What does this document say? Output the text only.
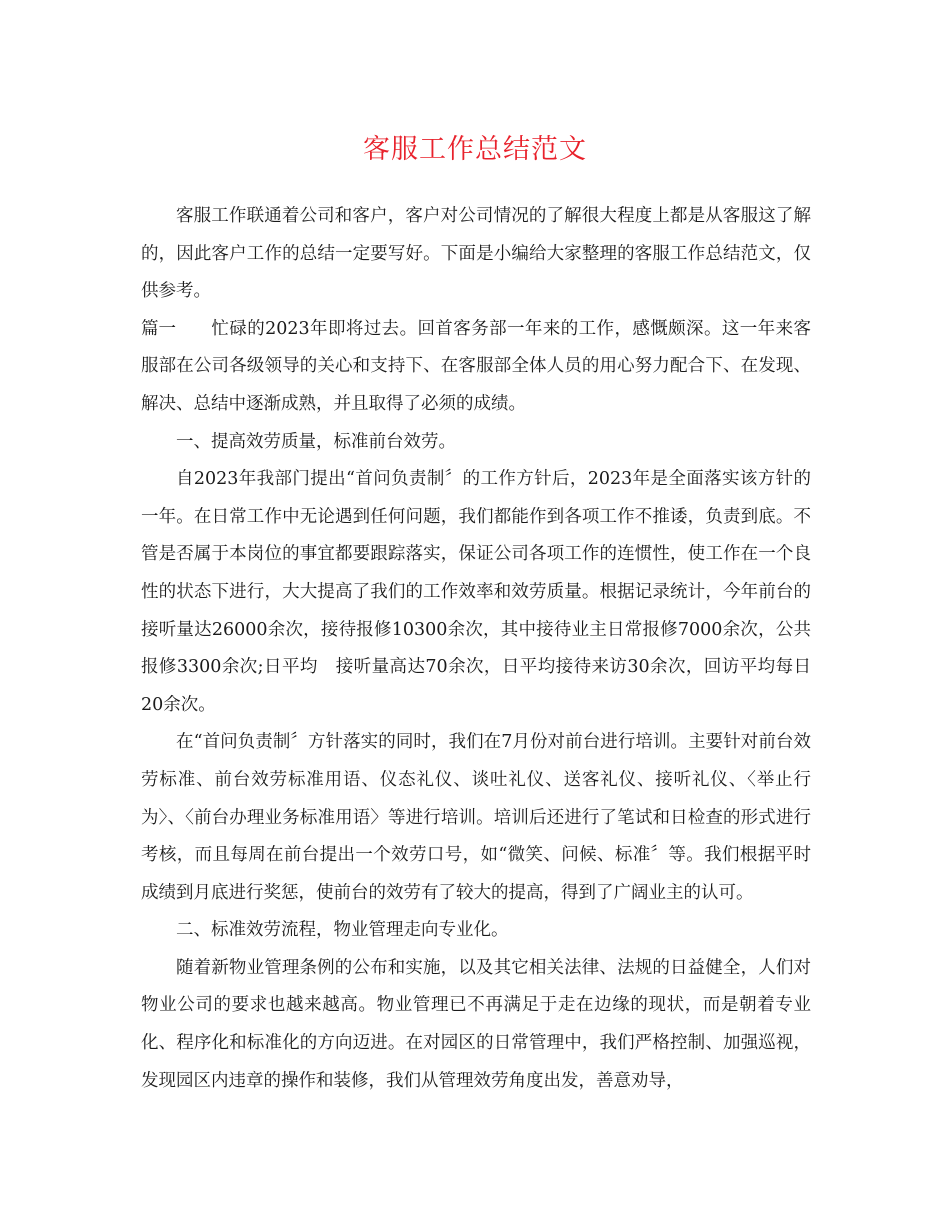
客服工作总结范文

客服工作联通着公司和客户，客户对公司情况的了解很大程度上都是从客服这了解的，因此客户工作的总结一定要写好。下面是小编给大家整理的客服工作总结范文，仅供参考。

篇一 忙碌的2023年即将过去。回首客务部一年来的工作，感慨颇深。这一年来客服部在公司各级领导的关心和支持下、在客服部全体人员的用心努力配合下、在发现、解决、总结中逐渐成熟，并且取得了必须的成绩。

一、提高效劳质量，标准前台效劳。

自2023年我部门提出“首问负责制〞的工作方针后，2023年是全面落实该方针的一年。在日常工作中无论遇到任何问题，我们都能作到各项工作不推诿，负责到底。不管是否属于本岗位的事宜都要跟踪落实，保证公司各项工作的连惯性，使工作在一个良性的状态下进行，大大提高了我们的工作效率和效劳质量。根据记录统计，今年前台的　接听量达26000余次，接待报修10300余次，其中接待业主日常报修7000余次，公共报修3300余次;日平均　接听量高达70余次，日平均接待来访30余次，回访平均每日20余次。

在“首问负责制〞方针落实的同时，我们在7月份对前台进行培训。主要针对前台效劳标准、前台效劳标准用语、仪态礼仪、谈吐礼仪、送客礼仪、接听礼仪、〈举止行为〉、〈前台办理业务标准用语〉等进行培训。培训后还进行了笔试和日检查的形式进行考核，而且每周在前台提出一个效劳口号，如“微笑、问候、标准〞等。我们根据平时成绩到月底进行奖惩，使前台的效劳有了较大的提高，得到了广阔业主的认可。

二、标准效劳流程，物业管理走向专业化。

随着新物业管理条例的公布和实施，以及其它相关法律、法规的日益健全，人们对物业公司的要求也越来越高。物业管理已不再满足于走在边缘的现状，而是朝着专业化、程序化和标准化的方向迈进。在对园区的日常管理中，我们严格控制、加强巡视，发现园区内违章的操作和装修，我们从管理效劳角度出发，善意劝导，
